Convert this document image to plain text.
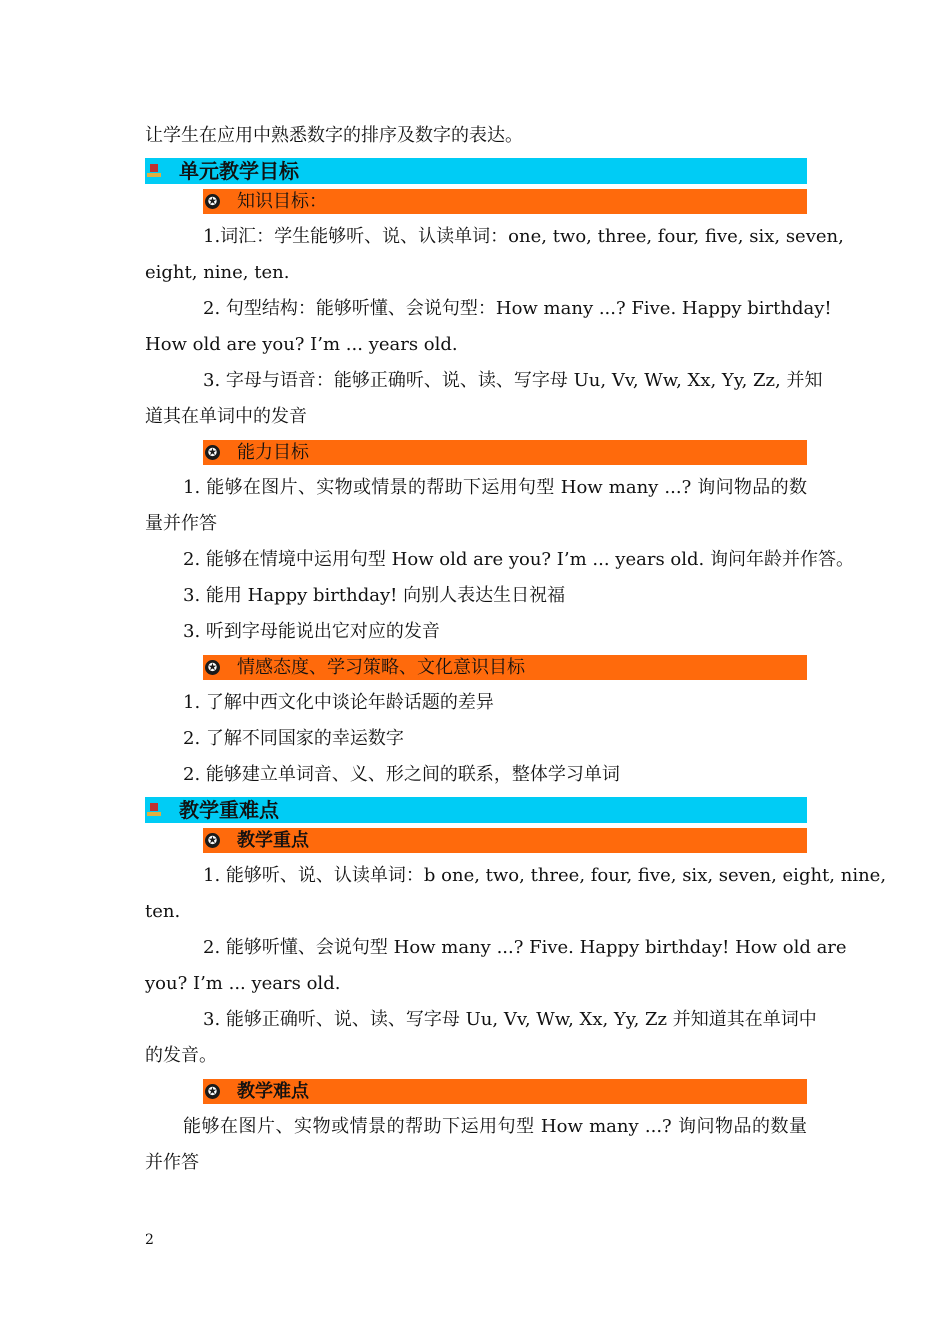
让学生在应用中熟悉数字的排序及数字的表达。
单元教学目标
✪ 知识目标：
1.词汇：学生能够听、说、认读单词：one, two, three, four, five, six, seven,
eight, nine, ten.
2. 句型结构：能够听懂、会说句型：How many ...? Five. Happy birthday!
How old are you? I’m ... years old.
3. 字母与语音：能够正确听、说、读、写字母 Uu, Vv, Ww, Xx, Yy, Zz, 并知
道其在单词中的发音
✪ 能力目标
1. 能够在图片、实物或情景的帮助下运用句型 How many ...? 询问物品的数
量并作答
2. 能够在情境中运用句型 How old are you? I’m ... years old. 询问年龄并作答。
3. 能用 Happy birthday! 向别人表达生日祝福
3. 听到字母能说出它对应的发音
✪ 情感态度、学习策略、文化意识目标
1. 了解中西文化中谈论年龄话题的差异
2. 了解不同国家的幸运数字
2. 能够建立单词音、义、形之间的联系，整体学习单词
教学重难点
✪ 教学重点
1. 能够听、说、认读单词：b one, two, three, four, five, six, seven, eight, nine,
ten.
2. 能够听懂、会说句型 How many ...? Five. Happy birthday! How old are
you? I’m ... years old.
3. 能够正确听、说、读、写字母 Uu, Vv, Ww, Xx, Yy, Zz 并知道其在单词中
的发音。
✪ 教学难点
能够在图片、实物或情景的帮助下运用句型 How many ...? 询问物品的数量
并作答
2
